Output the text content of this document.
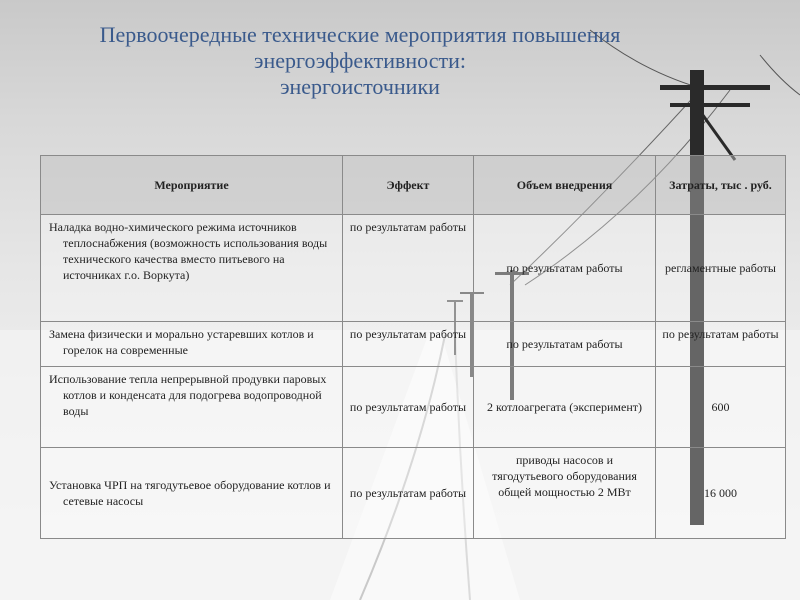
Первоочередные технические мероприятия повышения
энергоэффективности:
энергоисточники
Мероприятие	Эффект	Объем внедрения	Затраты, тыс . руб.
Наладка водно-химического режима источников теплоснабжения (возможность использования воды технического качества вместо питьевого на источниках г.о. Воркута)	по результатам работы	по результатам работы	регламентные работы
Замена физически и морально устаревших котлов и горелок на современные	по результатам работы	по результатам работы	по результатам работы
Использование тепла непрерывной продувки паровых котлов и конденсата для подогрева водопроводной воды	по результатам работы	2 котлоагрегата (эксперимент)	600
Установка ЧРП на тягодутьевое оборудование котлов и сетевые насосы	по результатам работы	приводы насосов и тягодутьевого оборудования общей мощностью 2 МВт	16 000
